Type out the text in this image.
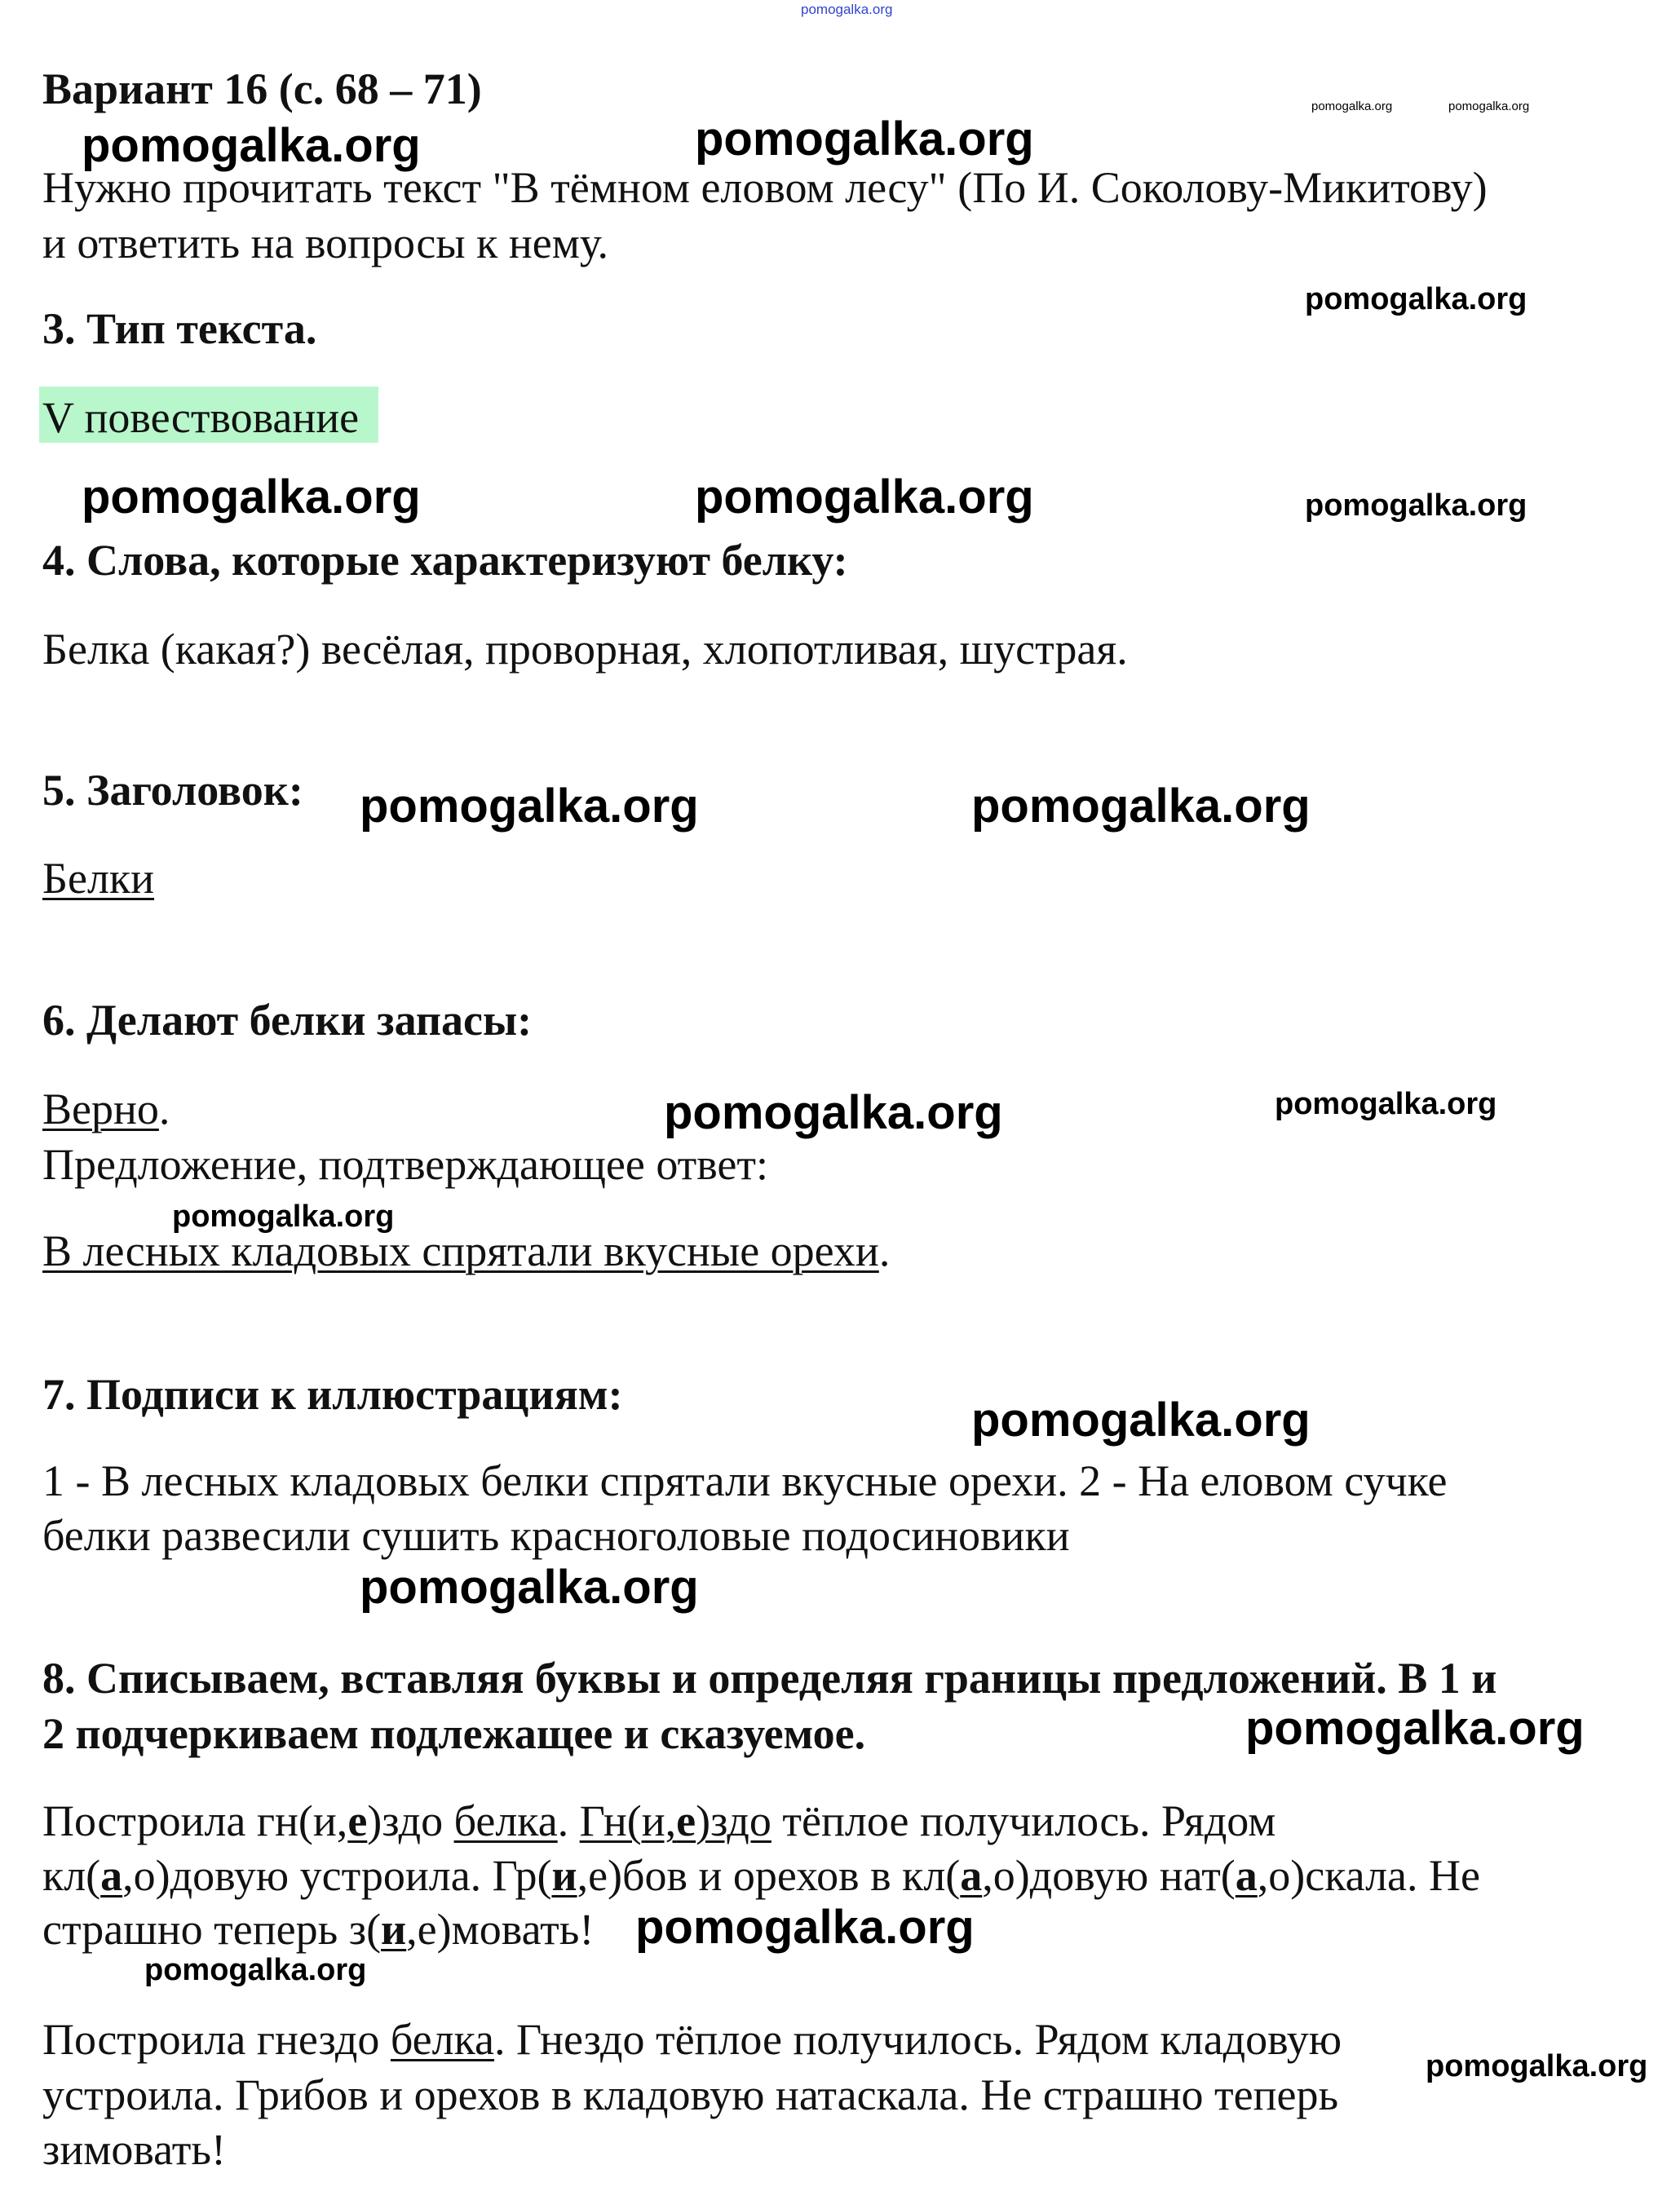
pomogalka.org
pomogalka.org	pomogalka.org
pomogalka.org	pomogalka.org
pomogalka.org
pomogalka.org	pomogalka.org	pomogalka.org
pomogalka.org	pomogalka.org
pomogalka.org	pomogalka.org
pomogalka.org
pomogalka.org
pomogalka.org
pomogalka.org
pomogalka.org
pomogalka.org
pomogalka.org
Вариант 16 (с. 68 – 71)
Нужно прочитать текст "В тёмном еловом лесу" (По И. Соколову-Микитову)
и ответить на вопросы к нему.
3. Тип текста.
V повествование
4. Слова, которые характеризуют белку:
Белка (какая?) весёлая, проворная, хлопотливая, шустрая.
5. Заголовок:
Белки
6. Делают белки запасы:
Верно.
Предложение, подтверждающее ответ:
В лесных кладовых спрятали вкусные орехи.
7. Подписи к иллюстрациям:
1 - В лесных кладовых белки спрятали вкусные орехи. 2 - На еловом сучке
белки развесили сушить красноголовые подосиновики
8. Списываем, вставляя буквы и определяя границы предложений. В 1 и
2 подчеркиваем подлежащее и сказуемое.
Построила гн(и,е)здо белка. Гн(и,е)здо тёплое получилось. Рядом
кл(а,о)довую устроила. Гр(и,е)бов и орехов в кл(а,о)довую нат(а,о)скала. Не
страшно теперь з(и,е)мовать!
Построила гнездо белка. Гнездо тёплое получилось. Рядом кладовую
устроила. Грибов и орехов в кладовую натаскала. Не страшно теперь
зимовать!
